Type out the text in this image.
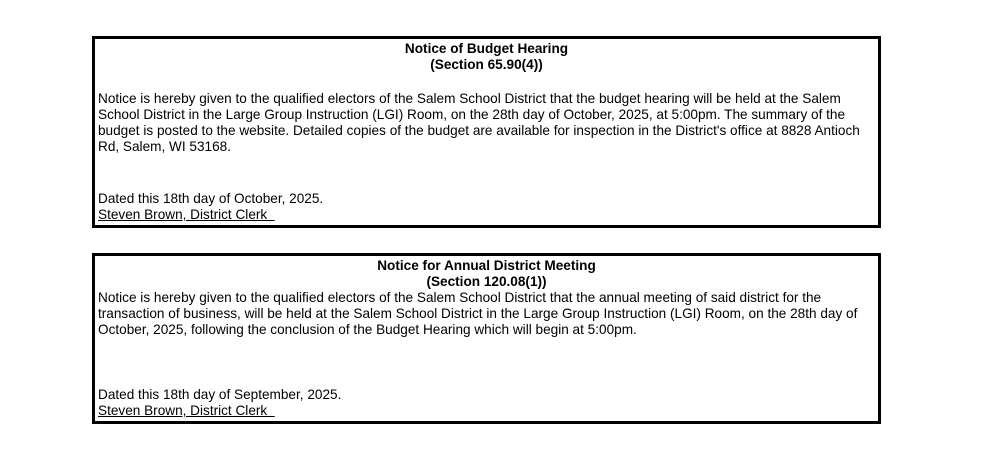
Notice of Budget Hearing

(Section 65.90(4))

Notice is hereby given to the qualified electors of the Salem School District that the budget hearing will be held at the Salem School District in the Large Group Instruction (LGI) Room, on the 28th day of October, 2025, at 5:00pm. The summary of the budget is posted to the website. Detailed copies of the budget are available for inspection in the District's office at 8828 Antioch Rd, Salem, WI 53168.

Dated this 18th day of October, 2025.

Steven Brown, District Clerk

Notice for Annual District Meeting

(Section 120.08(1))

Notice is hereby given to the qualified electors of the Salem School District that the annual meeting of said district for the transaction of business, will be held at the Salem School District in the Large Group Instruction (LGI) Room, on the 28th day of October, 2025, following the conclusion of the Budget Hearing which will begin at 5:00pm.

Dated this 18th day of September, 2025.

Steven Brown, District Clerk
